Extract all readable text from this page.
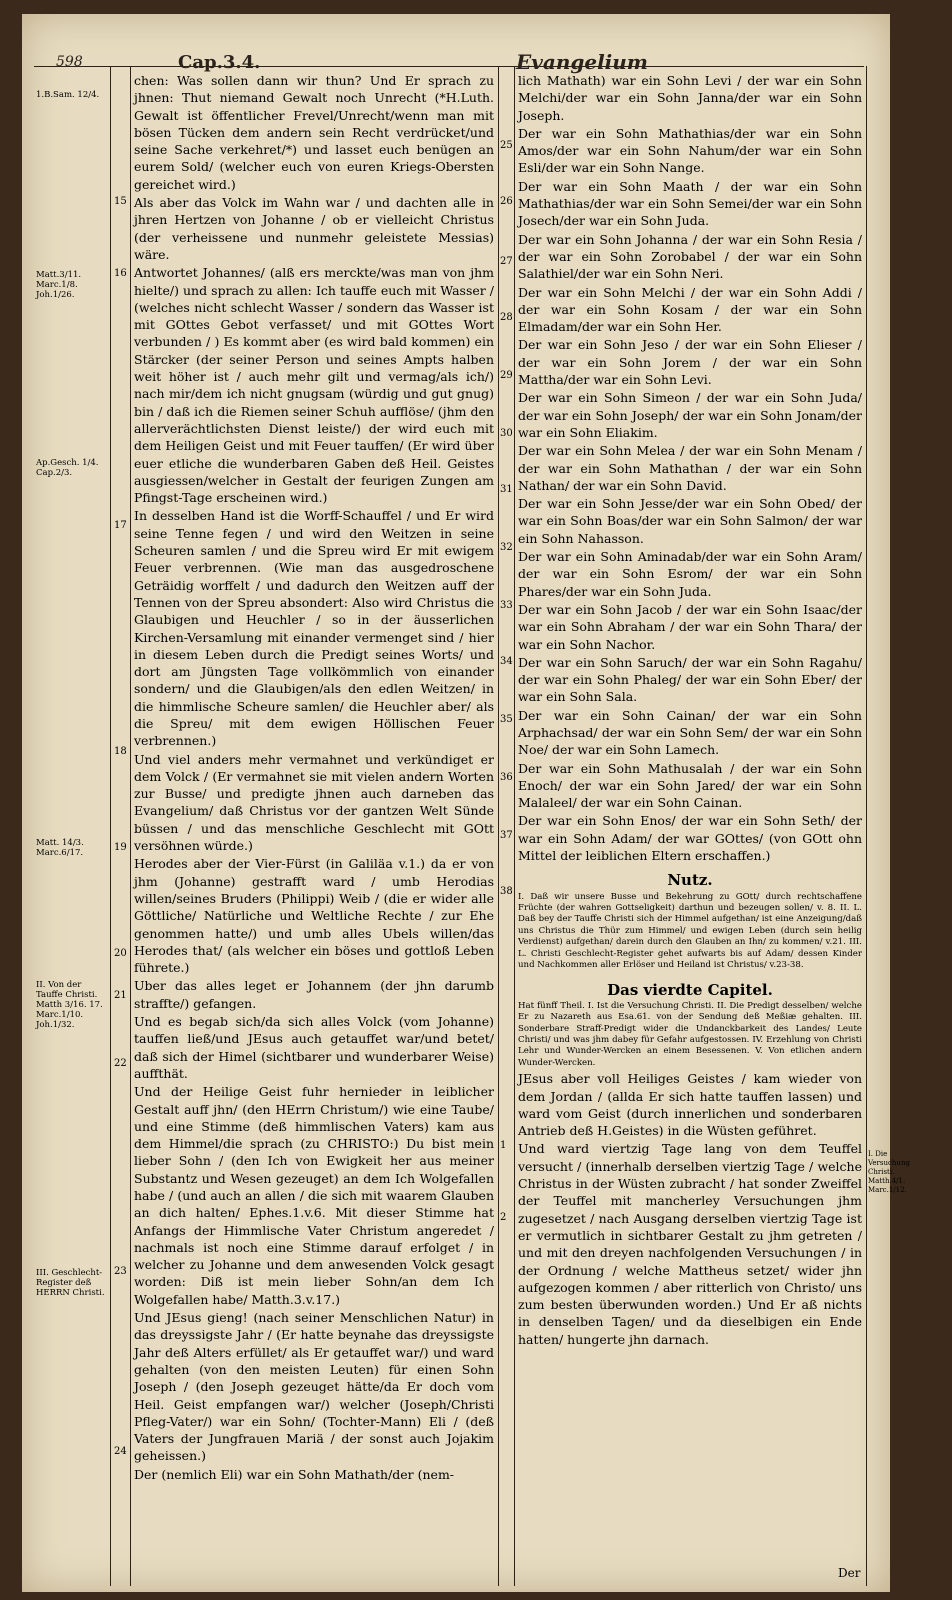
598	Cap.3.4.	Evangelium
1.B.Sam. 12/4.
Matt.3/11. Marc.1/8. Joh.1/26.
Ap.Gesch. 1/4. Cap.2/3.
Matt. 14/3. Marc.6/17.
II. Von der Tauffe Christi. Matth 3/16. 17. Marc.1/10. Joh.1/32.
III. Geschlecht-Register deß HERRN Christi.
15
16
17
18
19
20
21
22
23
24

chen: Was sollen dann wir thun? Und Er sprach zu jhnen: Thut niemand Gewalt noch Unrecht (*H.Luth. Gewalt ist öffentlicher Frevel/Unrecht/wenn man mit bösen Tücken dem andern sein Recht verdrücket/und seine Sache verkehret/*) und lasset euch benügen an eurem Sold/ (welcher euch von euren Kriegs-Obersten gereichet wird.)

Als aber das Volck im Wahn war / und dachten alle in jhren Hertzen von Johanne / ob er vielleicht Christus (der verheissene und nunmehr geleistete Messias) wäre.

Antwortet Johannes/ (alß ers merckte/was man von jhm hielte/) und sprach zu allen: Ich tauffe euch mit Wasser / (welches nicht schlecht Wasser / sondern das Wasser ist mit GOttes Gebot verfasset/ und mit GOttes Wort verbunden / ) Es kommt aber (es wird bald kommen) ein Stärcker (der seiner Person und seines Ampts halben weit höher ist / auch mehr gilt und vermag/als ich/) nach mir/dem ich nicht gnugsam (würdig und gut gnug) bin / daß ich die Riemen seiner Schuh aufflöse/ (jhm den allerverächtlichsten Dienst leiste/) der wird euch mit dem Heiligen Geist und mit Feuer tauffen/ (Er wird über euer etliche die wunderbaren Gaben deß Heil. Geistes ausgiessen/welcher in Gestalt der feurigen Zungen am Pfingst-Tage erscheinen wird.)

In desselben Hand ist die Worff-Schauffel / und Er wird seine Tenne fegen / und wird den Weitzen in seine Scheuren samlen / und die Spreu wird Er mit ewigem Feuer verbrennen. (Wie man das ausgedroschene Geträidig worffelt / und dadurch den Weitzen auff der Tennen von der Spreu absondert: Also wird Christus die Glaubigen und Heuchler / so in der äusserlichen Kirchen-Versamlung mit einander vermenget sind / hier in diesem Leben durch die Predigt seines Worts/ und dort am Jüngsten Tage vollkömmlich von einander sondern/ und die Glaubigen/als den edlen Weitzen/ in die himmlische Scheure samlen/ die Heuchler aber/ als die Spreu/ mit dem ewigen Höllischen Feuer verbrennen.)

Und viel anders mehr vermahnet und verkündiget er dem Volck / (Er vermahnet sie mit vielen andern Worten zur Busse/ und predigte jhnen auch darneben das Evangelium/ daß Christus vor der gantzen Welt Sünde büssen / und das menschliche Geschlecht mit GOtt versöhnen würde.)

Herodes aber der Vier-Fürst (in Galiläa v.1.) da er von jhm (Johanne) gestrafft ward / umb Herodias willen/seines Bruders (Philippi) Weib / (die er wider alle Göttliche/ Natürliche und Weltliche Rechte / zur Ehe genommen hatte/) und umb alles Ubels willen/das Herodes that/ (als welcher ein böses und gottloß Leben führete.)

Uber das alles leget er Johannem (der jhn darumb straffte/) gefangen.

Und es begab sich/da sich alles Volck (vom Johanne) tauffen ließ/und JEsus auch getauffet war/und betet/ daß sich der Himel (sichtbarer und wunderbarer Weise) auffthät.

Und der Heilige Geist fuhr hernieder in leiblicher Gestalt auff jhn/ (den HErrn Christum/) wie eine Taube/ und eine Stimme (deß himmlischen Vaters) kam aus dem Himmel/die sprach (zu CHRISTO:) Du bist mein lieber Sohn / (den Ich von Ewigkeit her aus meiner Substantz und Wesen gezeuget) an dem Ich Wolgefallen habe / (und auch an allen / die sich mit waarem Glauben an dich halten/ Ephes.1.v.6. Mit dieser Stimme hat Anfangs der Himmlische Vater Christum angeredet / nachmals ist noch eine Stimme darauf erfolget / in welcher zu Johanne und dem anwesenden Volck gesagt worden: Diß ist mein lieber Sohn/an dem Ich Wolgefallen habe/ Matth.3.v.17.)

Und JEsus gieng! (nach seiner Menschlichen Natur) in das dreyssigste Jahr / (Er hatte beynahe das dreyssigste Jahr deß Alters erfüllet/ als Er getauffet war/) und ward gehalten (von den meisten Leuten) für einen Sohn Joseph / (den Joseph gezeuget hätte/da Er doch vom Heil. Geist empfangen war/) welcher (Joseph/Christi Pfleg-Vater/) war ein Sohn/ (Tochter-Mann) Eli / (deß Vaters der Jungfrauen Mariä / der sonst auch Jojakim geheissen.)

Der (nemlich Eli) war ein Sohn Mathath/der (nem-

25
26
27
28
29
30
31
32
33
34
35
36
37
38

lich Mathath) war ein Sohn Levi / der war ein Sohn Melchi/der war ein Sohn Janna/der war ein Sohn Joseph.

Der war ein Sohn Mathathias/der war ein Sohn Amos/der war ein Sohn Nahum/der war ein Sohn Esli/der war ein Sohn Nange.

Der war ein Sohn Maath / der war ein Sohn Mathathias/der war ein Sohn Semei/der war ein Sohn Josech/der war ein Sohn Juda.

Der war ein Sohn Johanna / der war ein Sohn Resia / der war ein Sohn Zorobabel / der war ein Sohn Salathiel/der war ein Sohn Neri.

Der war ein Sohn Melchi / der war ein Sohn Addi / der war ein Sohn Kosam / der war ein Sohn Elmadam/der war ein Sohn Her.

Der war ein Sohn Jeso / der war ein Sohn Elieser / der war ein Sohn Jorem / der war ein Sohn Mattha/der war ein Sohn Levi.

Der war ein Sohn Simeon / der war ein Sohn Juda/ der war ein Sohn Joseph/ der war ein Sohn Jonam/der war ein Sohn Eliakim.

Der war ein Sohn Melea / der war ein Sohn Menam / der war ein Sohn Mathathan / der war ein Sohn Nathan/ der war ein Sohn David.

Der war ein Sohn Jesse/der war ein Sohn Obed/ der war ein Sohn Boas/der war ein Sohn Salmon/ der war ein Sohn Nahasson.

Der war ein Sohn Aminadab/der war ein Sohn Aram/ der war ein Sohn Esrom/ der war ein Sohn Phares/der war ein Sohn Juda.

Der war ein Sohn Jacob / der war ein Sohn Isaac/der war ein Sohn Abraham / der war ein Sohn Thara/ der war ein Sohn Nachor.

Der war ein Sohn Saruch/ der war ein Sohn Ragahu/ der war ein Sohn Phaleg/ der war ein Sohn Eber/ der war ein Sohn Sala.

Der war ein Sohn Cainan/ der war ein Sohn Arphachsad/ der war ein Sohn Sem/ der war ein Sohn Noe/ der war ein Sohn Lamech.

Der war ein Sohn Mathusalah / der war ein Sohn Enoch/ der war ein Sohn Jared/ der war ein Sohn Malaleel/ der war ein Sohn Cainan.

Der war ein Sohn Enos/ der war ein Sohn Seth/ der war ein Sohn Adam/ der war GOttes/ (von GOtt ohn Mittel der leiblichen Eltern erschaffen.)

Nutz.

I. Daß wir unsere Busse und Bekehrung zu GOtt/ durch rechtschaffene Früchte (der wahren Gottseligkeit) darthun und bezeugen sollen/ v. 8. II. L. Daß bey der Tauffe Christi sich der Himmel aufgethan/ ist eine Anzeigung/daß uns Christus die Thür zum Himmel/ und ewigen Leben (durch sein heilig Verdienst) aufgethan/ darein durch den Glauben an Ihn/ zu kommen/ v.21. III. L. Christi Geschlecht-Register gehet aufwarts bis auf Adam/ dessen Kinder und Nachkommen aller Erlöser und Heiland ist Christus/ v.23-38.

Das vierdte Capitel.

Hat fünff Theil. I. Ist die Versuchung Christi. II. Die Predigt desselben/ welche Er zu Nazareth aus Esa.61. von der Sendung deß Meßiæ gehalten. III. Sonderbare Straff-Predigt wider die Undanckbarkeit des Landes/ Leute Christi/ und was jhm dabey für Gefahr aufgestossen. IV. Erzehlung von Christi Lehr und Wunder-Wercken an einem Besessenen. V. Von etlichen andern Wunder-Wercken.

JEsus aber voll Heiliges Geistes / kam wieder von dem Jordan / (allda Er sich hatte tauffen lassen) und ward vom Geist (durch innerlichen und sonderbaren Antrieb deß H.Geistes) in die Wüsten geführet.

Und ward viertzig Tage lang von dem Teuffel versucht / (innerhalb derselben viertzig Tage / welche Christus in der Wüsten zubracht / hat sonder Zweiffel der Teuffel mit mancherley Versuchungen jhm zugesetzet / nach Ausgang derselben viertzig Tage ist er vermutlich in sichtbarer Gestalt zu jhm getreten / und mit den dreyen nachfolgenden Versuchungen / in der Ordnung / welche Mattheus setzet/ wider jhn aufgezogen kommen / aber ritterlich von Christo/ uns zum besten überwunden worden.) Und Er aß nichts in denselben Tagen/ und da dieselbigen ein Ende hatten/ hungerte jhn darnach.

1
2
I. Die Versuchung Christi. Matth.4/1. Marc.1/12.
Der
